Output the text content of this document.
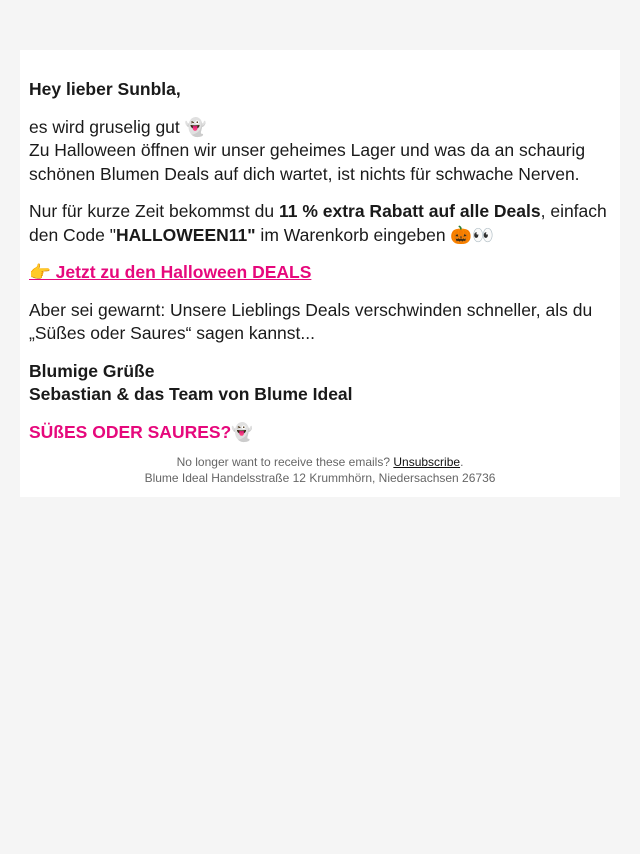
Hey lieber Sunbla,

es wird gruselig gut 👻
Zu Halloween öffnen wir unser geheimes Lager und was da an schaurig schönen Blumen Deals auf dich wartet, ist nichts für schwache Nerven.

Nur für kurze Zeit bekommst du 11 % extra Rabatt auf alle Deals, einfach den Code "HALLOWEEN11" im Warenkorb eingeben 🎃👀

👉 Jetzt zu den Halloween DEALS

Aber sei gewarnt: Unsere Lieblings Deals verschwinden schneller, als du „Süßes oder Saures“ sagen kannst...

Blumige Grüße
Sebastian & das Team von Blume Ideal

SÜßES ODER SAURES?👻
No longer want to receive these emails? Unsubscribe.
Blume Ideal Handelsstraße 12 Krummhörn, Niedersachsen 26736
